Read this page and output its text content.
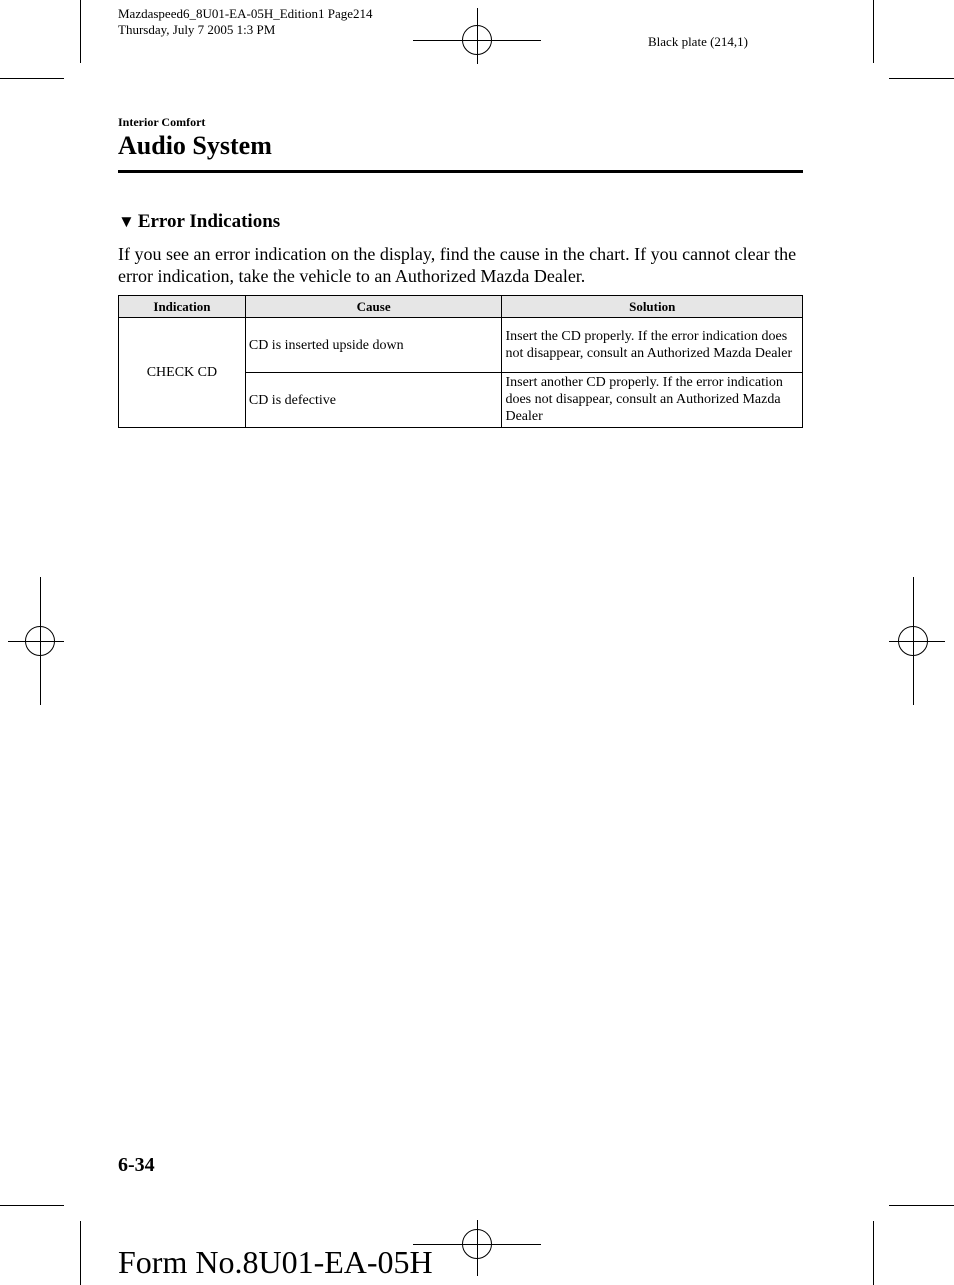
Mazdaspeed6_8U01-EA-05H_Edition1 Page214
Thursday, July 7 2005 1:3 PM
Black plate (214,1)
Interior Comfort
Audio System
▼ Error Indications

If you see an error indication on the display, find the cause in the chart. If you cannot clear the error indication, take the vehicle to an Authorized Mazda Dealer.

Indication	Cause	Solution
CHECK CD	CD is inserted upside down	Insert the CD properly. If the error indication does not disappear, consult an Authorized Mazda Dealer
	CD is defective	Insert another CD properly. If the error indication does not disappear, consult an Authorized Mazda Dealer
6-34
Form No.8U01-EA-05H
